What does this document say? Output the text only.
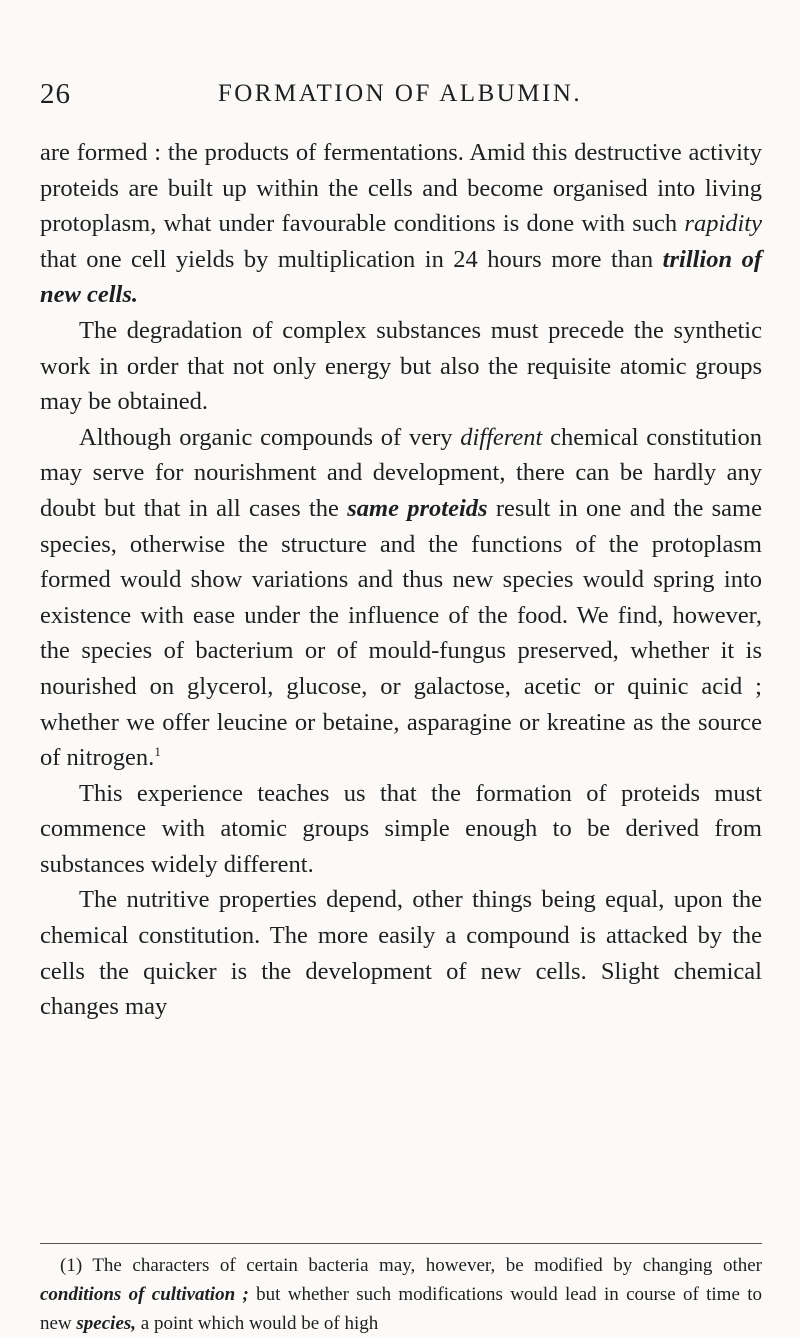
26	FORMATION OF ALBUMIN.

are formed : the products of fermentations. Amid this destructive activity proteids are built up within the cells and become organised into living protoplasm, what under favourable conditions is done with such rapidity that one cell yields by multiplication in 24 hours more than trillion of new cells.

The degradation of complex substances must precede the synthetic work in order that not only energy but also the requisite atomic groups may be obtained.

Although organic compounds of very different chemical constitution may serve for nourishment and development, there can be hardly any doubt but that in all cases the same proteids result in one and the same species, otherwise the structure and the functions of the protoplasm formed would show variations and thus new species would spring into existence with ease under the influence of the food. We find, however, the species of bacterium or of mould-fungus preserved, whether it is nourished on glycerol, glucose, or galactose, acetic or quinic acid ; whether we offer leucine or betaine, asparagine or kreatine as the source of nitrogen.$^1$

This experience teaches us that the formation of proteids must commence with atomic groups simple enough to be derived from substances widely different.

The nutritive properties depend, other things being equal, upon the chemical constitution. The more easily a compound is attacked by the cells the quicker is the development of new cells. Slight chemical changes may

(1) The characters of certain bacteria may, however, be modified by changing other conditions of cultivation ; but whether such modifications would lead in course of time to new species, a point which would be of high
